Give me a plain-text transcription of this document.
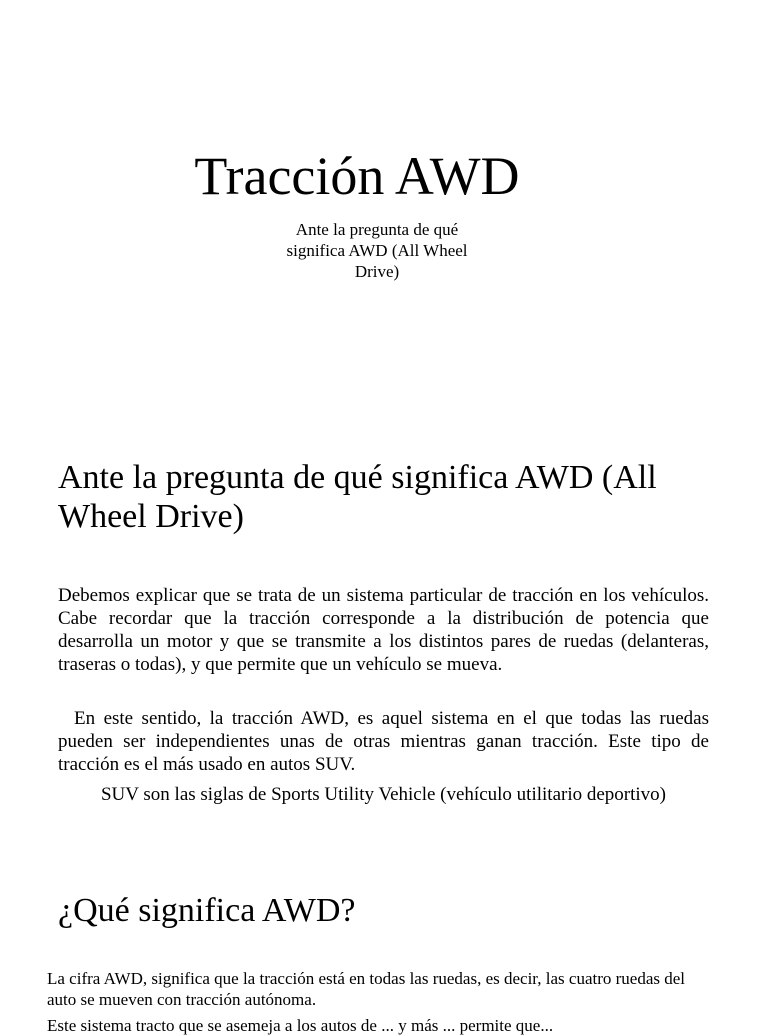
Tracción AWD

Ante la pregunta de qué significa AWD (All Wheel Drive)

Ante la pregunta de qué significa AWD (All Wheel Drive)

Debemos explicar que se trata de un sistema particular de tracción en los vehículos. Cabe recordar que la tracción corresponde a la distribución de potencia que desarrolla un motor y que se transmite a los distintos pares de ruedas (delanteras, traseras o todas), y que permite que un vehículo se mueva.

En este sentido, la tracción AWD, es aquel sistema en el que todas las ruedas pueden ser independientes unas de otras mientras ganan tracción. Este tipo de tracción es el más usado en autos SUV.

SUV son las siglas de Sports Utility Vehicle (vehículo utilitario deportivo)

¿Qué significa AWD?

La cifra AWD, significa que la tracción está en todas las ruedas, es decir, las cuatro ruedas del auto se mueven con tracción autónoma.

Este sistema tracto que se asemeja a los autos de ... y más ... permite que...
